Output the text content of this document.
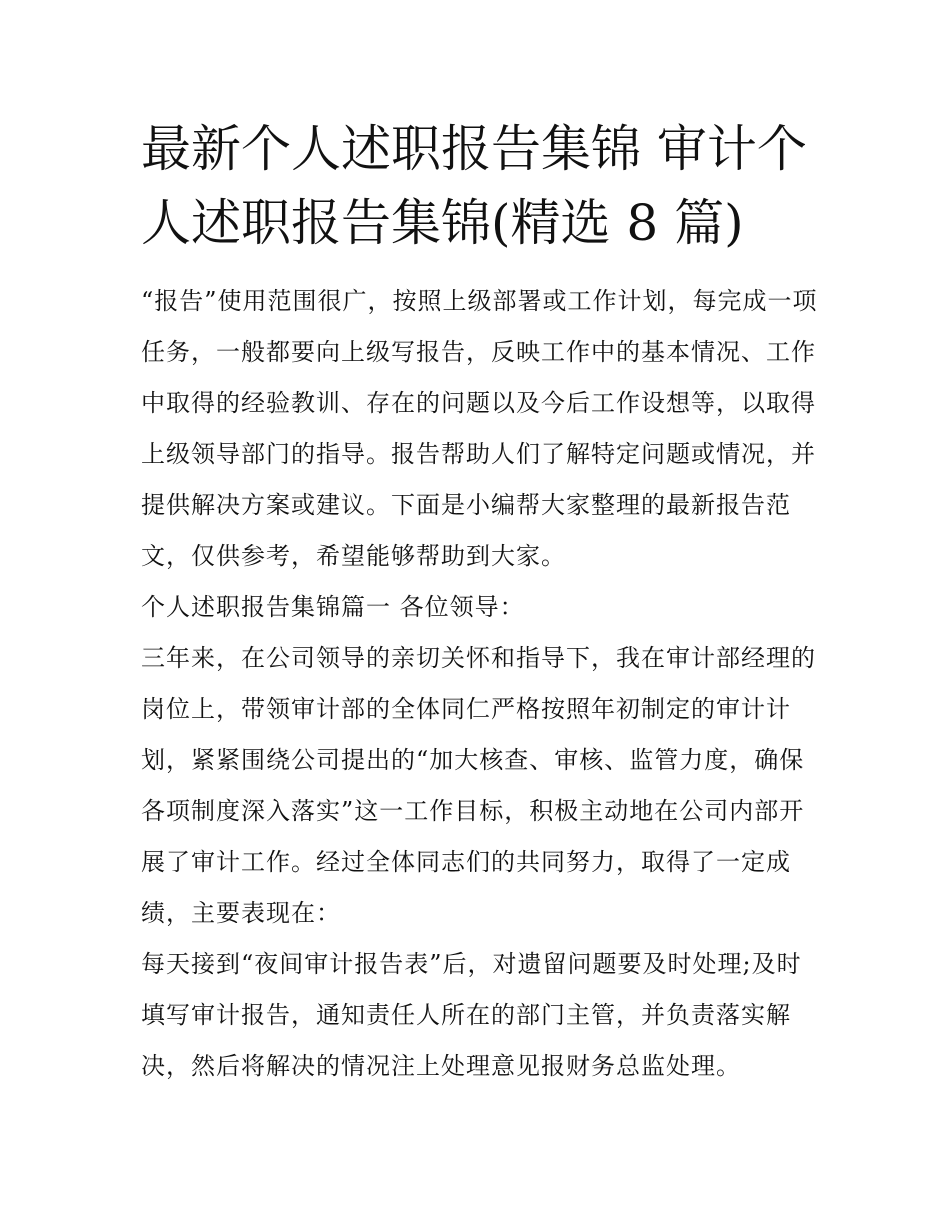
最新个人述职报告集锦 审计个人述职报告集锦(精选 8 篇)

“报告”使用范围很广，按照上级部署或工作计划，每完成一项任务，一般都要向上级写报告，反映工作中的基本情况、工作中取得的经验教训、存在的问题以及今后工作设想等，以取得上级领导部门的指导。报告帮助人们了解特定问题或情况，并提供解决方案或建议。下面是小编帮大家整理的最新报告范文，仅供参考，希望能够帮助到大家。

个人述职报告集锦篇一 各位领导：

三年来，在公司领导的亲切关怀和指导下，我在审计部经理的岗位上，带领审计部的全体同仁严格按照年初制定的审计计划，紧紧围绕公司提出的“加大核查、审核、监管力度，确保各项制度深入落实”这一工作目标，积极主动地在公司内部开展了审计工作。经过全体同志们的共同努力，取得了一定成绩，主要表现在：

每天接到“夜间审计报告表”后，对遗留问题要及时处理;及时填写审计报告，通知责任人所在的部门主管，并负责落实解决，然后将解决的情况注上处理意见报财务总监处理。
